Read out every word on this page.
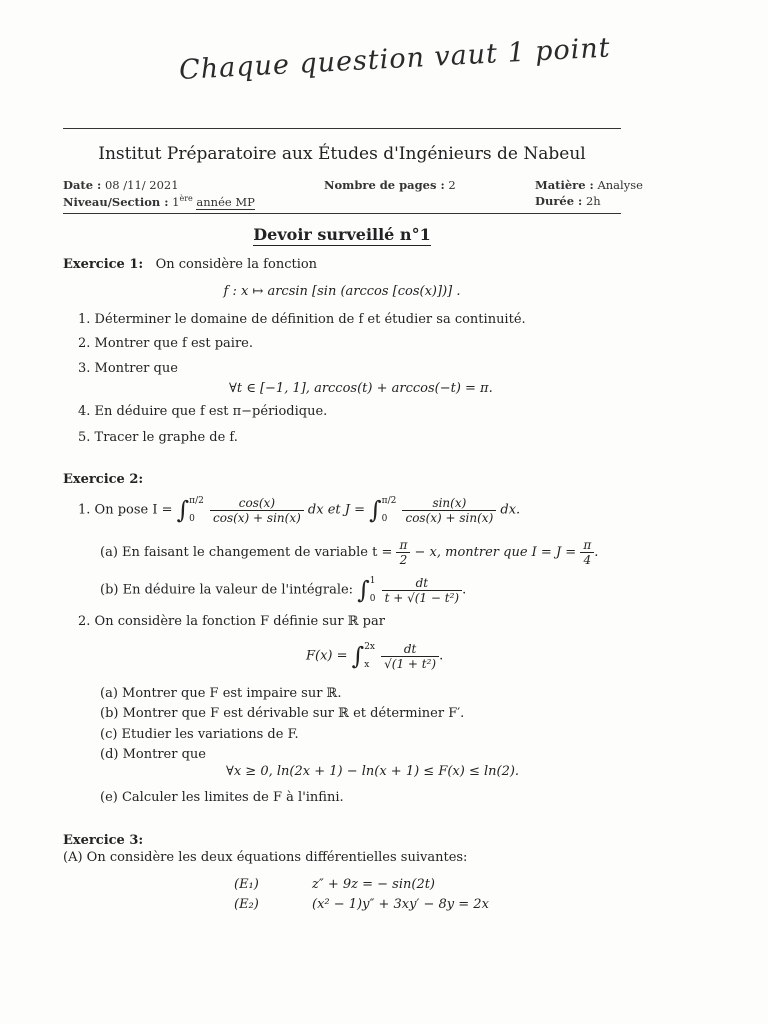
Chaque question vaut 1 point
Institut Préparatoire aux Études d'Ingénieurs de Nabeul
Date : 08 /11/ 2021	Nombre de pages : 2	Matière : Analyse
Niveau/Section : 1ère année MP	Durée : 2h
Devoir surveillé n°1
Exercice 1: On considère la fonction
f : x ↦ arcsin [sin (arccos [cos(x)])] .
1. Déterminer le domaine de définition de f et étudier sa continuité.
2. Montrer que f est paire.
3. Montrer que
∀t ∈ [−1, 1], arccos(t) + arccos(−t) = π.
4. En déduire que f est π−périodique.
5. Tracer le graphe de f.
Exercice 2:
1. On pose I = ∫ π/2
0
	$\frac{\cos(x)}{\cos(x) + \sin(x)}$ dx et J = ∫ π/2
0
	$\frac{\sin(x)}{\cos(x) + \sin(x)}$ dx.
(a) En faisant le changement de variable $t = \frac{\pi}{2} - x$, montrer que $I = J = \frac{\pi}{4}$ .
(b) En déduire la valeur de l'intégrale: ∫ 1
0
$\frac{dt}{\text{t + √(1 − t²)}}$ .
2. On considère la fonction F définie sur ℝ par
F(x) = ∫ 2x
x
$\frac{dt}{\text{√(1 + t²)}}$ .
(a) Montrer que F est impaire sur ℝ.
(b) Montrer que F est dérivable sur ℝ et déterminer F′.
(c) Etudier les variations de F.
(d) Montrer que
∀x ≥ 0, ln(2x + 1) − ln(x + 1) ≤ F(x) ≤ ln(2).
(e) Calculer les limites de F à l'infini.
Exercice 3:
(A) On considère les deux équations différentielles suivantes:
(E₁)	z″ + 9z = − sin(2t)
(E₂)	(x² − 1)y″ + 3xy′ − 8y = 2x
